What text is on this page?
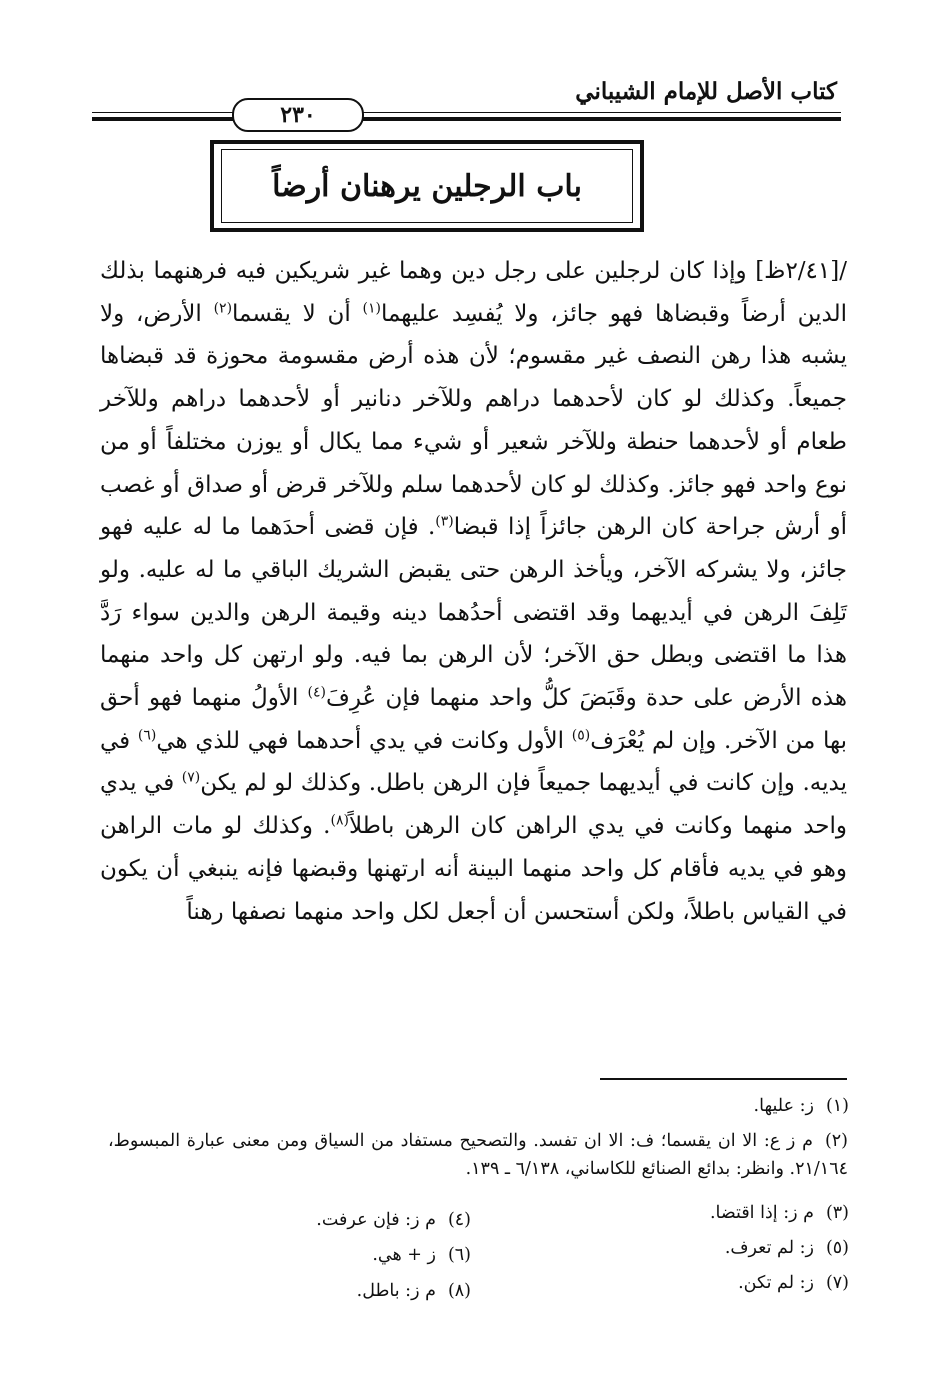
كتاب الأصل للإمام الشيباني
٢٣٠
باب الرجلين يرهنان أرضاً
/[٢/٤١ظ] وإذا كان لرجلين على رجل دين وهما غير شريكين فيه فرهنهما بذلك الدين أرضاً وقبضاها فهو جائز، ولا يُفسِد عليهما$^{(١)}$ أن لا يقسما$^{(٢)}$ الأرض، ولا يشبه هذا رهن النصف غير مقسوم؛ لأن هذه أرض مقسومة محوزة قد قبضاها جميعاً. وكذلك لو كان لأحدهما دراهم وللآخر دنانير أو لأحدهما دراهم وللآخر طعام أو لأحدهما حنطة وللآخر شعير أو شيء مما يكال أو يوزن مختلفاً أو من نوع واحد فهو جائز. وكذلك لو كان لأحدهما سلم وللآخر قرض أو صداق أو غصب أو أرش جراحة كان الرهن جائزاً إذا قبضا$^{(٣)}$. فإن قضى أحدَهما ما له عليه فهو جائز، ولا يشركه الآخر، ويأخذ الرهن حتى يقبض الشريك الباقي ما له عليه. ولو تَلِفَ الرهن في أيديهما وقد اقتضى أحدُهما دينه وقيمة الرهن والدين سواء رَدَّ هذا ما اقتضى وبطل حق الآخر؛ لأن الرهن بما فيه. ولو ارتهن كل واحد منهما هذه الأرض على حدة وقَبَضَ كلُّ واحد منهما فإن عُرِفَ$^{(٤)}$ الأولُ منهما فهو أحق بها من الآخر. وإن لم يُعْرَف$^{(٥)}$ الأول وكانت في يدي أحدهما فهي للذي هي$^{(٦)}$ في يديه. وإن كانت في أيديهما جميعاً فإن الرهن باطل. وكذلك لو لم يكن$^{(٧)}$ في يدي واحد منهما وكانت في يدي الراهن كان الرهن باطلاً$^{(٨)}$. وكذلك لو مات الراهن وهو في يديه فأقام كل واحد منهما البينة أنه ارتهنها وقبضها فإنه ينبغي أن يكون في القياس باطلاً، ولكن أستحسن أن أجعل لكل واحد منهما نصفها رهناً
(١)ز: عليها.
(٢)م ز ع: الا ان يقسما؛ ف: الا ان تفسد. والتصحيح مستفاد من السياق ومن معنى عبارة المبسوط، ٢١/١٦٤. وانظر: بدائع الصنائع للكاساني، ٦/١٣٨ ـ ١٣٩.
(٣)م ز: إذا اقتضا.
(٤)م ز: فإن عرفت.
(٥)ز: لم تعرف.
(٦)ز + هي.
(٧)ز: لم تكن.
(٨)م ز: باطل.
